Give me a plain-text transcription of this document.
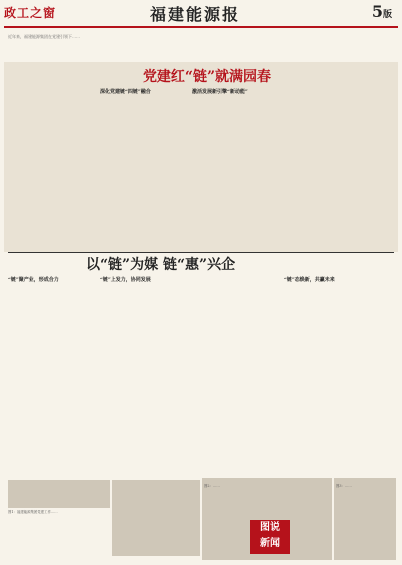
政工之窗	福建能源报	5版
近年来，福建能源集团在党建引领下……
党建红“链”就满园春
深化党建链“四链”融合	激活发展新引擎“新动能”
以“链”为媒 链“惠”兴企
“链”聚产业，形成合力	“链”上发力，协同发展	“链”态焕新，共赢未来
图1：福建能源集团党建工作……
图2：……	图3：……
图说
新闻
